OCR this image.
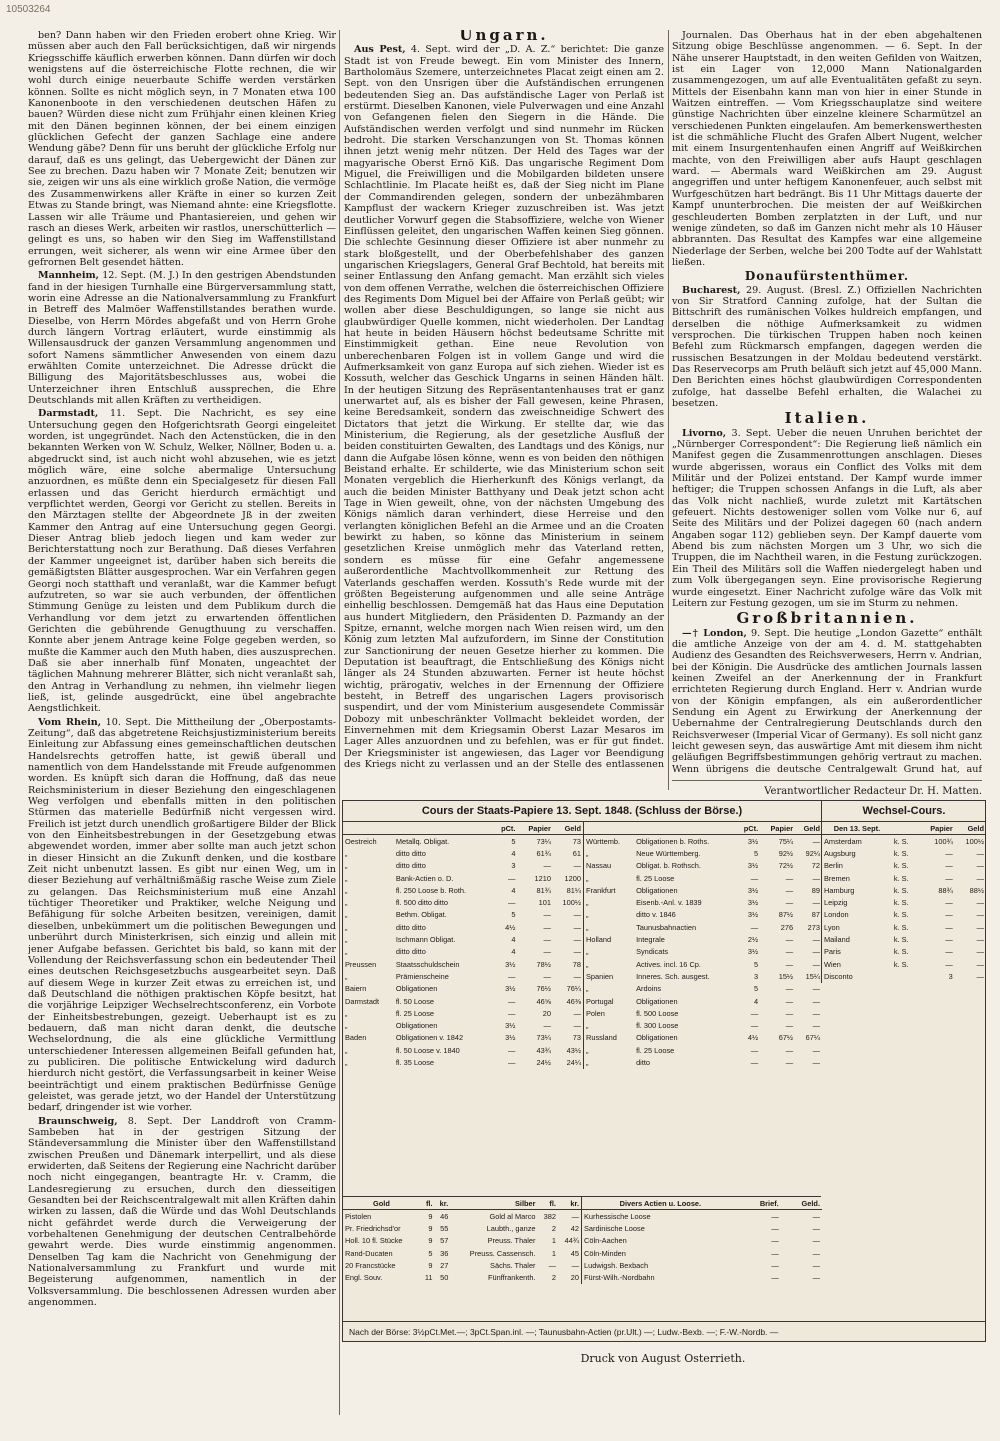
10503264

ben? Dann haben wir den Frieden erobert ohne Krieg. Wir müssen aber auch den Fall berücksichtigen, daß wir nirgends Kriegsschiffe käuflich erwerben können. Dann dürfen wir doch wenigstens auf die österreichische Flotte rechnen, die wir wohl durch einige neuerbaute Schiffe werden verstärken können. Sollte es nicht möglich seyn, in 7 Monaten etwa 100 Kanonenboote in den verschiedenen deutschen Häfen zu bauen? Würden diese nicht zum Frühjahr einen kleinen Krieg mit den Dänen beginnen können, der bei einem einzigen glücklichen Gefecht der ganzen Sachlage eine andere Wendung gäbe? Denn für uns beruht der glückliche Erfolg nur darauf, daß es uns gelingt, das Uebergewicht der Dänen zur See zu brechen. Dazu haben wir 7 Monate Zeit; benutzen wir sie, zeigen wir uns als eine wirklich große Nation, die vermöge des Zusammenwirkens aller Kräfte in einer so kurzen Zeit Etwas zu Stande bringt, was Niemand ahnte: eine Kriegsflotte. Lassen wir alle Träume und Phantasiereien, und gehen wir rasch an dieses Werk, arbeiten wir rastlos, unerschütterlich — gelingt es uns, so haben wir den Sieg im Waffenstillstand errungen, weit sicherer, als wenn wir eine Armee über den gefrornen Belt gesendet hätten.

Mannheim, 12. Sept. (M. J.) In den gestrigen Abendstunden fand in der hiesigen Turnhalle eine Bürgerversammlung statt, worin eine Adresse an die Nationalversammlung zu Frankfurt in Betreff des Malmöer Waffenstillstandes berathen wurde. Dieselbe, von Herrn Mördes abgefaßt und von Herrn Grohe durch längern Vortrag erläutert, wurde einstimmig als Willensausdruck der ganzen Versammlung angenommen und sofort Namens sämmtlicher Anwesenden von einem dazu erwählten Comite unterzeichnet. Die Adresse drückt die Billigung des Majoritätsbeschlusses aus, wobei die Unterzeichner ihren Entschluß aussprechen, die Ehre Deutschlands mit allen Kräften zu vertheidigen.

Darmstadt, 11. Sept. Die Nachricht, es sey eine Untersuchung gegen den Hofgerichtsrath Georgi eingeleitet worden, ist ungegründet. Nach den Actenstücken, die in den bekannten Werken von W. Schulz, Welker, Nöllner, Boden u. a. abgedruckt sind, ist auch nicht wohl abzusehen, wie es jetzt möglich wäre, eine solche abermalige Untersuchung anzuordnen, es müßte denn ein Specialgesetz für diesen Fall erlassen und das Gericht hierdurch ermächtigt und verpflichtet werden, Georgi vor Gericht zu stellen. Bereits in den Märztagen stellte der Abgeordnete Jß in der zweiten Kammer den Antrag auf eine Untersuchung gegen Georgi. Dieser Antrag blieb jedoch liegen und kam weder zur Berichterstattung noch zur Berathung. Daß dieses Verfahren der Kammer ungeeignet ist, darüber haben sich bereits die gemäßigtsten Blätter ausgesprochen. War ein Verfahren gegen Georgi noch statthaft und veranlaßt, war die Kammer befugt aufzutreten, so war sie auch verbunden, der öffentlichen Stimmung Genüge zu leisten und dem Publikum durch die Verhandlung vor dem jetzt zu erwartenden öffentlichen Gerichten die gebührende Genugthuung zu verschaffen. Konnte aber jenem Antrage keine Folge gegeben werden, so mußte die Kammer auch den Muth haben, dies auszusprechen. Daß sie aber innerhalb fünf Monaten, ungeachtet der täglichen Mahnung mehrerer Blätter, sich nicht veranlaßt sah, den Antrag in Verhandlung zu nehmen, ihn vielmehr liegen ließ, ist, gelinde ausgedrückt, eine übel angebrachte Aengstlichkeit.

Vom Rhein, 10. Sept. Die Mittheilung der „Oberpostamts-Zeitung“, daß das abgetretene Reichsjustizministerium bereits Einleitung zur Abfassung eines gemeinschaftlichen deutschen Handelsrechts getroffen hatte, ist gewiß überall und namentlich von dem Handelsstande mit Freude aufgenommen worden. Es knüpft sich daran die Hoffnung, daß das neue Reichsministerium in dieser Beziehung den eingeschlagenen Weg verfolgen und ebenfalls mitten in den politischen Stürmen das materielle Bedürfniß nicht vergessen wird. Freilich ist jetzt durch unendlich großartigere Bilder der Blick von den Einheitsbestrebungen in der Gesetzgebung etwas abgewendet worden, immer aber sollte man auch jetzt schon in dieser Hinsicht an die Zukunft denken, und die kostbare Zeit nicht unbenutzt lassen. Es gibt nur einen Weg, um in dieser Beziehung auf verhältnißmäßig rasche Weise zum Ziele zu gelangen. Das Reichsministerium muß eine Anzahl tüchtiger Theoretiker und Praktiker, welche Neigung und Befähigung für solche Arbeiten besitzen, vereinigen, damit dieselben, unbekümmert um die politischen Bewegungen und unberührt durch Ministerkrisen, sich einzig und allein mit jener Aufgabe befassen. Gerichtet bis bald, so kann mit der Vollendung der Reichsverfassung schon ein bedeutender Theil eines deutschen Reichsgesetzbuchs ausgearbeitet seyn. Daß auf diesem Wege in kurzer Zeit etwas zu erreichen ist, und daß Deutschland die nöthigen praktischen Köpfe besitzt, hat die vorjährige Leipziger Wechselrechtsconferenz, ein Vorbote der Einheitsbestrebungen, gezeigt. Ueberhaupt ist es zu bedauern, daß man nicht daran denkt, die deutsche Wechselordnung, die als eine glückliche Vermittlung unterschiedener Interessen allgemeinen Beifall gefunden hat, zu publiciren. Die politische Entwickelung wird dadurch hierdurch nicht gestört, die Verfassungsarbeit in keiner Weise beeinträchtigt und einem praktischen Bedürfnisse Genüge geleistet, was gerade jetzt, wo der Handel der Unterstützung bedarf, dringender ist wie vorher.

Braunschweig, 8. Sept. Der Landdroft von Cramm-Sambeben hat in der gestrigen Sitzung der Ständeversammlung die Minister über den Waffenstillstand zwischen Preußen und Dänemark interpellirt, und als diese erwiderten, daß Seitens der Regierung eine Nachricht darüber noch nicht eingegangen, beantragte Hr. v. Cramm, die Landesregierung zu ersuchen, durch den diesseitigen Gesandten bei der Reichscentralgewalt mit allen Kräften dahin wirken zu lassen, daß die Würde und das Wohl Deutschlands nicht gefährdet werde durch die Verweigerung der vorbehaltenen Genehmigung der deutschen Centralbehörde gewahrt werde. Dies wurde einstimmig angenommen. Denselben Tag kam die Nachricht von Genehmigung der Nationalversammlung zu Frankfurt und wurde mit Begeisterung aufgenommen, namentlich in der Volksversammlung. Die beschlossenen Adressen wurden aber angenommen.

Ungarn.

Aus Pest, 4. Sept. wird der „D. A. Z.“ berichtet: Die ganze Stadt ist von Freude bewegt. Ein vom Minister des Innern, Bartholomäus Szemere, unterzeichnetes Placat zeigt einen am 2. Sept. von den Unsrigen über die Aufständischen errungenen bedeutenden Sieg an. Das aufständische Lager von Perlaß ist erstürmt. Dieselben Kanonen, viele Pulverwagen und eine Anzahl von Gefangenen fielen den Siegern in die Hände. Die Aufständischen werden verfolgt und sind nunmehr im Rücken bedroht. Die starken Verschanzungen von St. Thomas können ihnen jetzt wenig mehr nützen. Der Held des Tages war der magyarische Oberst Ernö Kiß. Das ungarische Regiment Dom Miguel, die Freiwilligen und die Mobilgarden bildeten unsere Schlachtlinie. Im Placate heißt es, daß der Sieg nicht im Plane der Commandirenden gelegen, sondern der unbezähmbaren Kampflust der wackern Krieger zuzuschreiben ist. Was jetzt deutlicher Vorwurf gegen die Stabsoffiziere, welche von Wiener Einflüssen geleitet, den ungarischen Waffen keinen Sieg gönnen. Die schlechte Gesinnung dieser Offiziere ist aber nunmehr zu stark bloßgestellt, und der Oberbefehlshaber des ganzen ungarischen Kriegslagers, General Graf Bechtold, hat bereits mit seiner Entlassung den Anfang gemacht. Man erzählt sich vieles von dem offenen Verrathe, welchen die österreichischen Offiziere des Regiments Dom Miguel bei der Affaire von Perlaß geübt; wir wollen aber diese Beschuldigungen, so lange sie nicht aus glaubwürdiger Quelle kommen, nicht wiederholen. Der Landtag hat heute in beiden Häusern höchst bedeutsame Schritte mit Einstimmigkeit gethan. Eine neue Revolution von unberechenbaren Folgen ist in vollem Gange und wird die Aufmerksamkeit von ganz Europa auf sich ziehen. Wieder ist es Kossuth, welcher das Geschick Ungarns in seinen Händen hält. In der heutigen Sitzung des Repräsentantenhauses trat er ganz unerwartet auf, als es bisher der Fall gewesen, keine Phrasen, keine Beredsamkeit, sondern das zweischneidige Schwert des Dictators that jetzt die Wirkung. Er stellte dar, wie das Ministerium, die Regierung, als der gesetzliche Ausfluß der beiden constituirten Gewalten, des Landtags und des Königs, nur dann die Aufgabe lösen könne, wenn es von beiden den nöthigen Beistand erhalte. Er schilderte, wie das Ministerium schon seit Monaten vergeblich die Hierherkunft des Königs verlangt, da auch die beiden Minister Batthyany und Deak jetzt schon acht Tage in Wien geweilt, ohne, von der nächsten Umgebung des Königs nämlich daran verhindert, diese Herreise und den verlangten königlichen Befehl an die Armee und an die Croaten bewirkt zu haben, so könne das Ministerium in seinem gesetzlichen Kreise unmöglich mehr das Vaterland retten, sondern es müsse für eine Gefahr angemessene außerordentliche Machtvollkommenheit zur Rettung des Vaterlands geschaffen werden. Kossuth's Rede wurde mit der größten Begeisterung aufgenommen und alle seine Anträge einhellig beschlossen. Demgemäß hat das Haus eine Deputation aus hundert Mitgliedern, den Präsidenten D. Pazmandy an der Spitze, ernannt, welche morgen nach Wien reisen wird, um den König zum letzten Mal aufzufordern, im Sinne der Constitution zur Sanctionirung der neuen Gesetze hierher zu kommen. Die Deputation ist beauftragt, die Entschließung des Königs nicht länger als 24 Stunden abzuwarten. Ferner ist heute höchst wichtig, prärogativ, welches in der Ernennung der Offiziere besteht, in Betreff des ungarischen Lagers provisorisch suspendirt, und der vom Ministerium ausgesendete Commissär Dobozy mit unbeschränkter Vollmacht bekleidet worden, der Einvernehmen mit dem Kriegsamin Oberst Lazar Mesaros im Lager Alles anzuordnen und zu befehlen, was er für gut findet. Der Kriegsminister ist angewiesen, das Lager vor Beendigung des Kriegs nicht zu verlassen und an der Stelle des entlassenen

Journalen. Das Oberhaus hat in der eben abgehaltenen Sitzung obige Beschlüsse angenommen. — 6. Sept. In der Nähe unserer Hauptstadt, in den weiten Gefilden von Waitzen, ist ein Lager von 12,000 Mann Nationalgarden zusammengezogen, um auf alle Eventualitäten gefaßt zu seyn. Mittels der Eisenbahn kann man von hier in einer Stunde in Waitzen eintreffen. — Vom Kriegsschauplatze sind weitere günstige Nachrichten über einzelne kleinere Scharmützel an verschiedenen Punkten eingelaufen. Am bemerkenswerthesten ist die schmähliche Flucht des Grafen Albert Nugent, welcher mit einem Insurgentenhaufen einen Angriff auf Weißkirchen machte, von den Freiwilligen aber aufs Haupt geschlagen ward. — Abermals ward Weißkirchen am 29. August angegriffen und unter heftigem Kanonenfeuer, auch selbst mit Wurfgeschützen hart bedrängt. Bis 11 Uhr Mittags dauerte der Kampf ununterbrochen. Die meisten der auf Weißkirchen geschleuderten Bomben zerplatzten in der Luft, und nur wenige zündeten, so daß im Ganzen nicht mehr als 10 Häuser abbrannten. Das Resultat des Kampfes war eine allgemeine Niederlage der Serben, welche bei 200 Todte auf der Wahlstatt ließen.

Donaufürstenthümer.

Bucharest, 29. August. (Bresl. Z.) Offiziellen Nachrichten von Sir Stratford Canning zufolge, hat der Sultan die Bittschrift des rumänischen Volkes huldreich empfangen, und derselben die nöthige Aufmerksamkeit zu widmen versprochen. Die türkischen Truppen haben noch keinen Befehl zum Rückmarsch empfangen, dagegen werden die russischen Besatzungen in der Moldau bedeutend verstärkt. Das Reservecorps am Pruth beläuft sich jetzt auf 45,000 Mann. Den Berichten eines höchst glaubwürdigen Correspondenten zufolge, hat dasselbe Befehl erhalten, die Walachei zu besetzen.

Italien.

Livorno, 3. Sept. Ueber die neuen Unruhen berichtet der „Nürnberger Correspondent“: Die Regierung ließ nämlich ein Manifest gegen die Zusammenrottungen anschlagen. Dieses wurde abgerissen, woraus ein Conflict des Volks mit dem Militär und der Polizei entstand. Der Kampf wurde immer heftiger; die Truppen schossen Anfangs in die Luft, als aber das Volk nicht nachließ, wurde zuletzt mit Kartätschen gefeuert. Nichts destoweniger sollen vom Volke nur 6, auf Seite des Militärs und der Polizei dagegen 60 (nach andern Angaben sogar 112) geblieben seyn. Der Kampf dauerte vom Abend bis zum nächsten Morgen um 3 Uhr, wo sich die Truppen, die im Nachtheil waren, in die Festung zurückzogen. Ein Theil des Militärs soll die Waffen niedergelegt haben und zum Volk übergegangen seyn. Eine provisorische Regierung wurde eingesetzt. Einer Nachricht zufolge wäre das Volk mit Leitern zur Festung gezogen, um sie im Sturm zu nehmen.

Großbritannien.

—† London, 9. Sept. Die heutige „London Gazette“ enthält die amtliche Anzeige von der am 4. d. M. stattgehabten Audienz des Gesandten des Reichsverwesers, Herrn v. Andrian, bei der Königin. Die Ausdrücke des amtlichen Journals lassen keinen Zweifel an der Anerkennung der in Frankfurt errichteten Regierung durch England. Herr v. Andrian wurde von der Königin empfangen, als ein außerordentlicher Sendung ein Agent zu Erwirkung der Anerkennung der Uebernahme der Centralregierung Deutschlands durch den Reichsverweser (Imperial Vicar of Germany). Es soll nicht ganz leicht gewesen seyn, das auswärtige Amt mit diesem ihm nicht geläufigen Begriffsbestimmungen gehörig vertraut zu machen. Wenn übrigens die deutsche Centralgewalt Grund hat, auf

Verantwortlicher Redacteur Dr. H. Matten.
Cours der Staats-Papiere 13. Sept. 1848. (Schluss der Börse.)	Wechsel-Cours.
		pCt.	Papier	Geld
Oestreich	Metallq. Obligat.	5	73¼	73
„	ditto ditto	4	61¾	61
„	ditto ditto	3	—	—
„	Bank-Actien o. D.	—	1210	1200
„	fl. 250 Loose b. Roth.	4	81¾	81¼
„	fl. 500 ditto ditto	—	101	100½
„	Bethm. Obligat.	5	—	—
„	ditto ditto	4½	—	—
„	Ischmann Obligat.	4	—	—
„	ditto ditto	4	—	—
Preussen	Staatsschuldschein	3½	78½	78
„	Prämienscheine	—	—	—
Baiern	Obligationen	3½	76½	76¼
Darmstadt	fl. 50 Loose	—	46⅝	46⅜
„	fl. 25 Loose	—	20	—
„	Obligationen	3½	—	—
Baden	Obligationen v. 1842	3½	73¼	73
„	fl. 50 Loose v. 1840	—	43¾	43½
„	fl. 35 Loose	—	24½	24¼
		pCt.	Papier	Geld
Württemb.	Obligationen b. Roths.	3½	75¼	—
„	Neue Württemberg.	5	92½	92¼
Nassau	Obligat. b. Rothsch.	3½	72½	72
„	fl. 25 Loose	—	—	—
Frankfurt	Obligationen	3½	—	89
„	Eisenb.-Anl. v. 1839	3½	—	—
„	ditto v. 1846	3½	87½	87
„	Taunusbahnactien	—	276	273
Holland	Integrale	2½	—	—
„	Syndicats	3½	—	—
„	Actives. incl. 16 Cp.	5	—	—
Spanien	Inneres. Sch. ausgest.	3	15½	15¼
„	Ardoins	5	—	—
Portugal	Obligationen	4	—	—
Polen	fl. 500 Loose	—	—	—
„	fl. 300 Loose	—	—	—
Russland	Obligationen	4½	67½	67¼
„	fl. 25 Loose	—	—	—
„	ditto	—	—	—
Den 13. Sept.		Papier	Geld
Amsterdam	k. S.	100¾	100½
Augsburg	k. S.	—	—
Berlin	k. S.	—	—
Bremen	k. S.	—	—
Hamburg	k. S.	88¾	88½
Leipzig	k. S.	—	—
London	k. S.	—	—
Lyon	k. S.	—	—
Mailand	k. S.	—	—
Paris	k. S.	—	—
Wien	k. S.	—	—
Disconto		3	—
Gold	fl.	kr.	Silber	fl.	kr.
Pistolen	9	46	Gold al Marco	382	—
Pr. Friedrichsd'or	9	55	Laubth., ganze	2	42
Holl. 10 fl. Stücke	9	57	Preuss. Thaler	1	44¾
Rand-Ducaten	5	36	Preuss. Cassensch.	1	45
20 Francstücke	9	27	Sächs. Thaler	—	—
Engl. Souv.	11	50	Fünffrankenth.	2	20
Divers Actien u. Loose.	Brief.	Geld.
Kurhessische Loose	—	—
Sardinische Loose	—	—
Cöln-Aachen	—	—
Cöln-Minden	—	—
Ludwigsh. Bexbach	—	—
Fürst-Wilh.-Nordbahn	—	—
Nach der Börse: 3½pCt.Met.—; 3pCt.Span.inl. —; Taunusbahn-Actien (pr.Ult.) —; Ludw.-Bexb. —; F.-W.-Nordb. —
Druck von August Osterrieth.
